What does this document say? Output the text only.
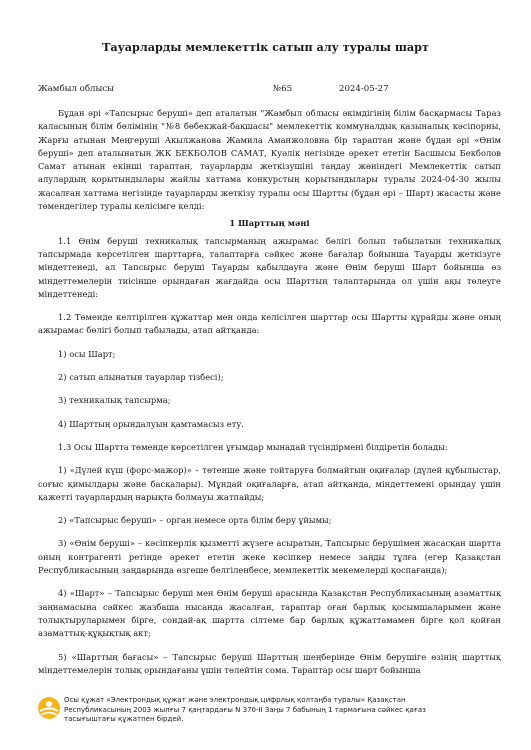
Тауарларды мемлекеттік сатып алу туралы шарт
Жамбыл облысы	№65	2024-05-27

Бұдан әрі «Тапсырыс беруші» деп аталатын "Жамбыл облысы әкімдігінің білім басқармасы Тараз қаласының білім бөлімінің "№8 бөбекжай-бақшасы" мемлекеттік коммуналдық қазыналық кәсіпорны, Жарғы атынан Меңгеруші Акылжанова Жамила Аманжоловна бір тараптан және бұдан әрі «Өнім беруші» деп аталынатын ЖК БЕКБОЛОВ САМАТ, Куәлік негізінде әрекет ететін Басшысы Бекболов Самат атынан екінші тараптан, тауарларды жеткізушіні таңдау жөніндегі Мемлекеттік сатып алулардың қорытындылары жайлы хаттама конкурстың қорытындылары туралы 2024-04-30 жылы жасалған хаттама негізінде тауарларды жеткізу туралы осы Шартты (бұдан әрі – Шарт) жасасты және төмендегілер туралы келісімге келді:

1 Шарттың мәні

1.1 Өнім беруші техникалық тапсырманың ажырамас бөлігі болып табылатын техникалық тапсырмада көрсетілген шарттарға, талаптарға сәйкес және бағалар бойынша Тауарды жеткізуге міндеттенеді, ал Тапсырыс беруші Тауарды қабылдауға және Өнім беруші Шарт бойынша өз міндеттемелерін тиісінше орындаған жағдайда осы Шарттың талаптарында ол үшін ақы төлеуге міндеттенеді:

1.2 Төменде келтірілген құжаттар мен онда келісілген шарттар осы Шартты құрайды және оның ажырамас бөлігі болып табылады, атап айтқанда:

1) осы Шарт;

2) сатып алынатын тауарлар тізбесі);

3) техникалық тапсырма;

4) Шарттың орындалуын қамтамасыз ету.

1.3 Осы Шартта төменде көрсетілген ұғымдар мынадай түсіндірмені білдіретін болады:

1) «Дүлей күш (форс-мажор)» – төтенше және тойтаруға болмайтын оқиғалар (дүлей құбылыстар, соғыс қимылдары және басқалары). Мұндай оқиғаларға, атап айтқанда, міндеттемені орындау үшін қажетті тауарлардың нарықта болмауы жатпайды;

2) «Тапсырыс беруші» – орган немесе орта білім беру ұйымы;

3) «Өнім беруші» – кәсіпкерлік қызметті жүзеге асыратын, Тапсырыс берушімен жасасқан шартта оның контрагенті ретінде әрекет ететін жеке кәсіпкер немесе заңды тұлға (егер Қазақстан Республикасының заңдарында өзгеше белгіленбесе, мемлекеттік мекемелерді қоспағанда);

4) «Шарт» – Тапсырыс беруші мен Өнім беруші арасында Қазақстан Республикасының азаматтық заңнамасына сәйкес жазбаша нысанда жасалған, тараптар оған барлық қосымшаларымен және толықтыруларымен бірге, сондай-ақ шартта сілтеме бар барлық құжаттамамен бірге қол қойған азаматтық-құқықтық акт;

5) «Шарттың бағасы» – Тапсырыс беруші Шарттың шеңберінде Өнім берушіге өзінің шарттық міндеттемелерін толық орындағаны үшін төлейтін сома. Тараптар осы шарт бойынша

Осы құжат «Электрондық құжат және электрондық цифрлық қолтаңба туралы» Қазақстан Республикасының 2003 жылғы 7 қаңтардағы N 370-II Заңы 7 бабының 1 тармағына сәйкес қағаз тасығыштағы құжатпен бірдей.
